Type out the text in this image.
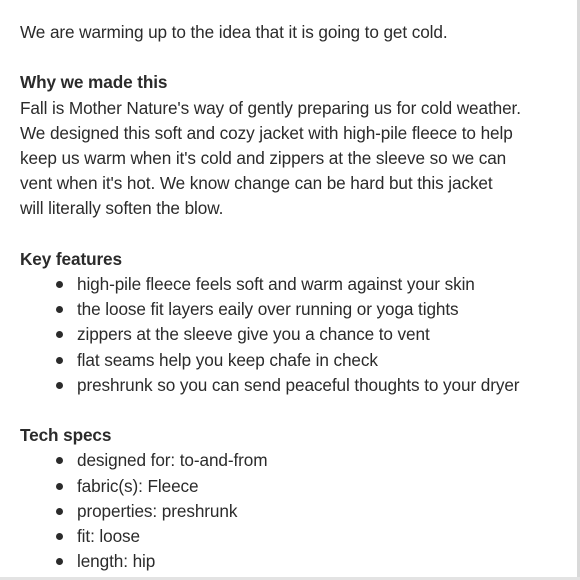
We are warming up to the idea that it is going to get cold.

Why we made this

Fall is Mother Nature's way of gently preparing us for cold weather.

We designed this soft and cozy jacket with high-pile fleece to help

keep us warm when it's cold and zippers at the sleeve so we can

vent when it's hot. We know change can be hard but this jacket

will literally soften the blow.

Key features

high-pile fleece feels soft and warm against your skin
the loose fit layers eaily over running or yoga tights
zippers at the sleeve give you a chance to vent
flat seams help you keep chafe in check
preshrunk so you can send peaceful thoughts to your dryer

Tech specs

designed for: to-and-from
fabric(s): Fleece
properties: preshrunk
fit: loose
length: hip
